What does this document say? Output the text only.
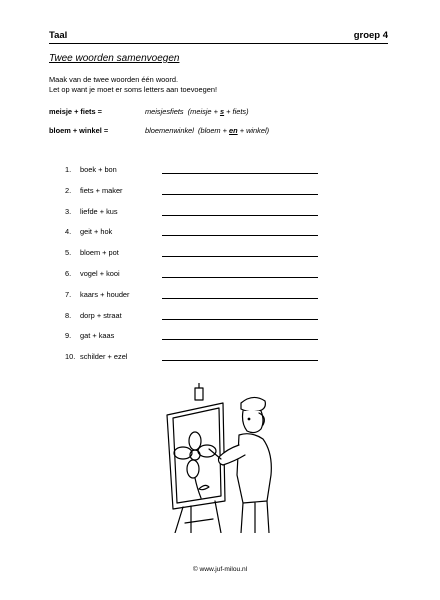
Taal	groep 4
Twee woorden samenvoegen
Maak van de twee woorden één woord.
Let op want je moet er soms letters aan toevoegen!
meisje + fiets =	meisjesfiets (meisje + s + fiets)
bloem + winkel =	bloemenwinkel (bloem + en + winkel)
1.	boek + bon
2.	fiets + maker
3.	liefde + kus
4.	geit + hok
5.	bloem + pot
6.	vogel + kooi
7.	kaars + houder
8.	dorp + straat
9.	gat + kaas
10. schilder + ezel
© www.juf-milou.nl
